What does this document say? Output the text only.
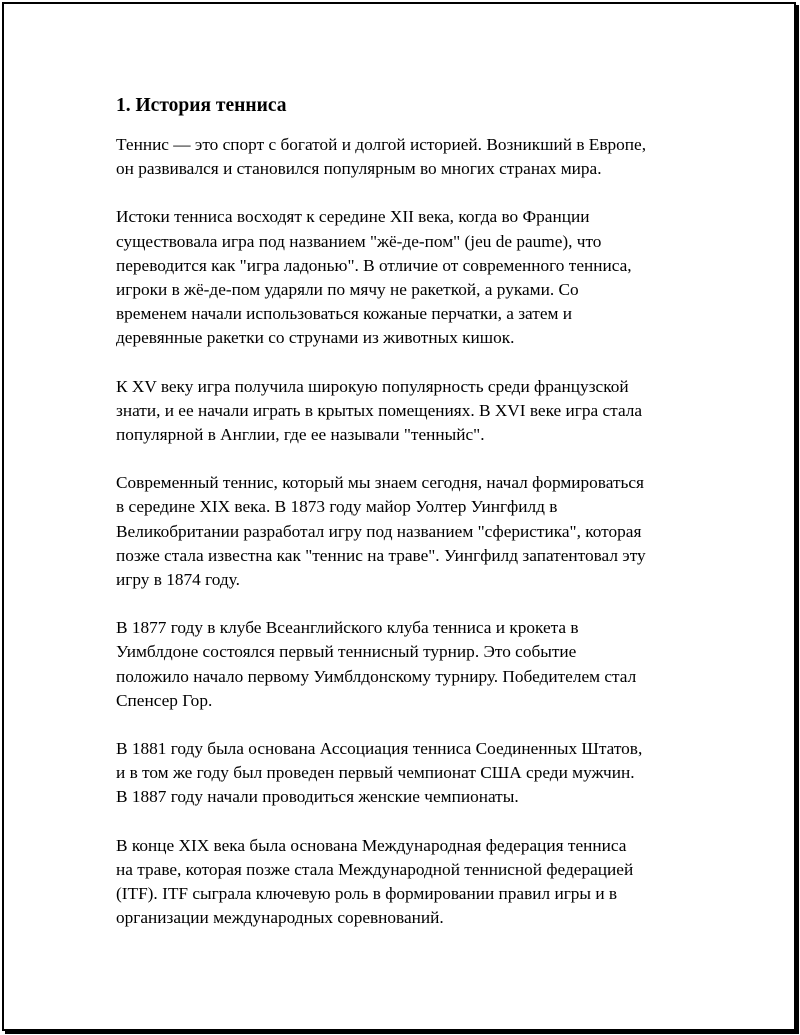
1. История тенниса

Теннис — это спорт с богатой и долгой историей. Возникший в Европе,
он развивался и становился популярным во многих странах мира.

Истоки тенниса восходят к середине XII века, когда во Франции
существовала игра под названием "жё-де-пом" (jeu de paume), что
переводится как "игра ладонью". В отличие от современного тенниса,
игроки в жё-де-пом ударяли по мячу не ракеткой, а руками. Со
временем начали использоваться кожаные перчатки, а затем и
деревянные ракетки со струнами из животных кишок.

К XV веку игра получила широкую популярность среди французской
знати, и ее начали играть в крытых помещениях. В XVI веке игра стала
популярной в Англии, где ее называли "тенныйс".

Современный теннис, который мы знаем сегодня, начал формироваться
в середине XIX века. В 1873 году майор Уолтер Уингфилд в
Великобритании разработал игру под названием "сферистика", которая
позже стала известна как "теннис на траве". Уингфилд запатентовал эту
игру в 1874 году.

В 1877 году в клубе Всеанглийского клуба тенниса и крокета в
Уимблдоне состоялся первый теннисный турнир. Это событие
положило начало первому Уимблдонскому турниру. Победителем стал
Спенсер Гор.

В 1881 году была основана Ассоциация тенниса Соединенных Штатов,
и в том же году был проведен первый чемпионат США среди мужчин.
В 1887 году начали проводиться женские чемпионаты.

В конце XIX века была основана Международная федерация тенниса
на траве, которая позже стала Международной теннисной федерацией
(ITF). ITF сыграла ключевую роль в формировании правил игры и в
организации международных соревнований.
